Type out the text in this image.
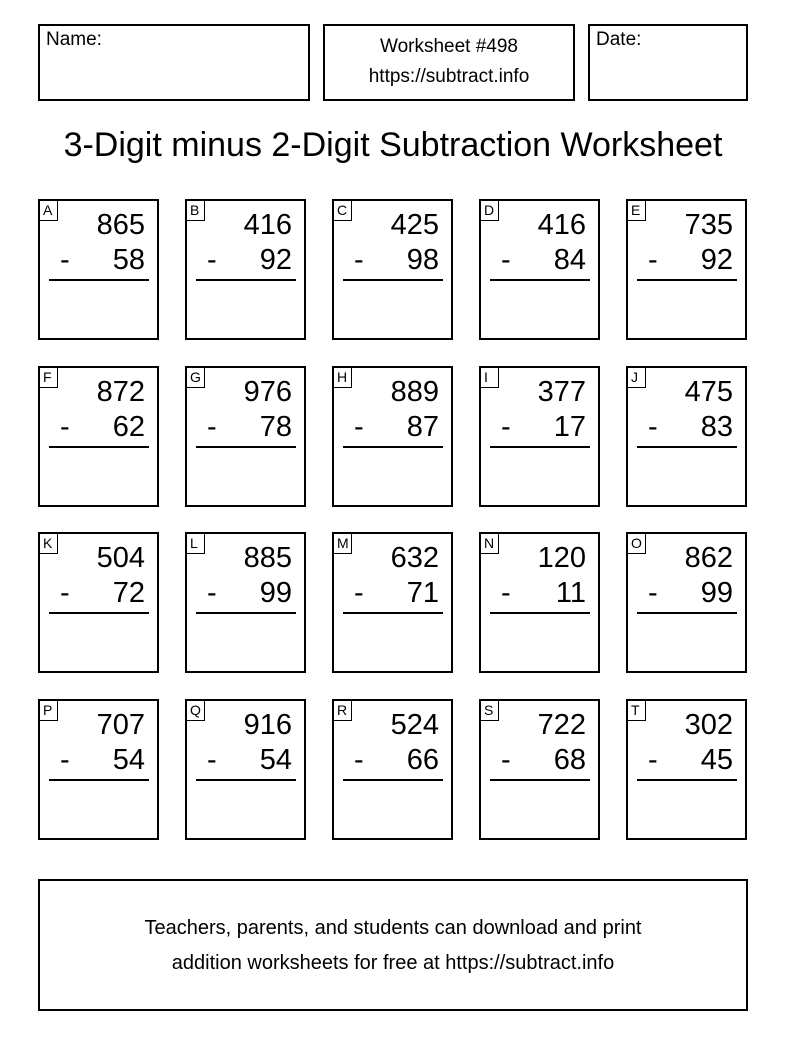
Name:	Worksheet #498
https://subtract.info
Date:
3-Digit minus 2-Digit Subtraction Worksheet
A 865
- 58
B 416
- 92
C 425
- 98
D 416
- 84
E 735
- 92
F 872
- 62
G 976
- 78
H 889
- 87
I	377
- 17
J 475
- 83
K 504
- 72
L 885
- 99
M 632
- 71
N 120
- 11
O 862
- 99
P 707
- 54
Q 916
- 54
R 524
- 66
S 722
- 68
T 302
- 45
Teachers, parents, and students can download and print
addition worksheets for free at https://subtract.info
